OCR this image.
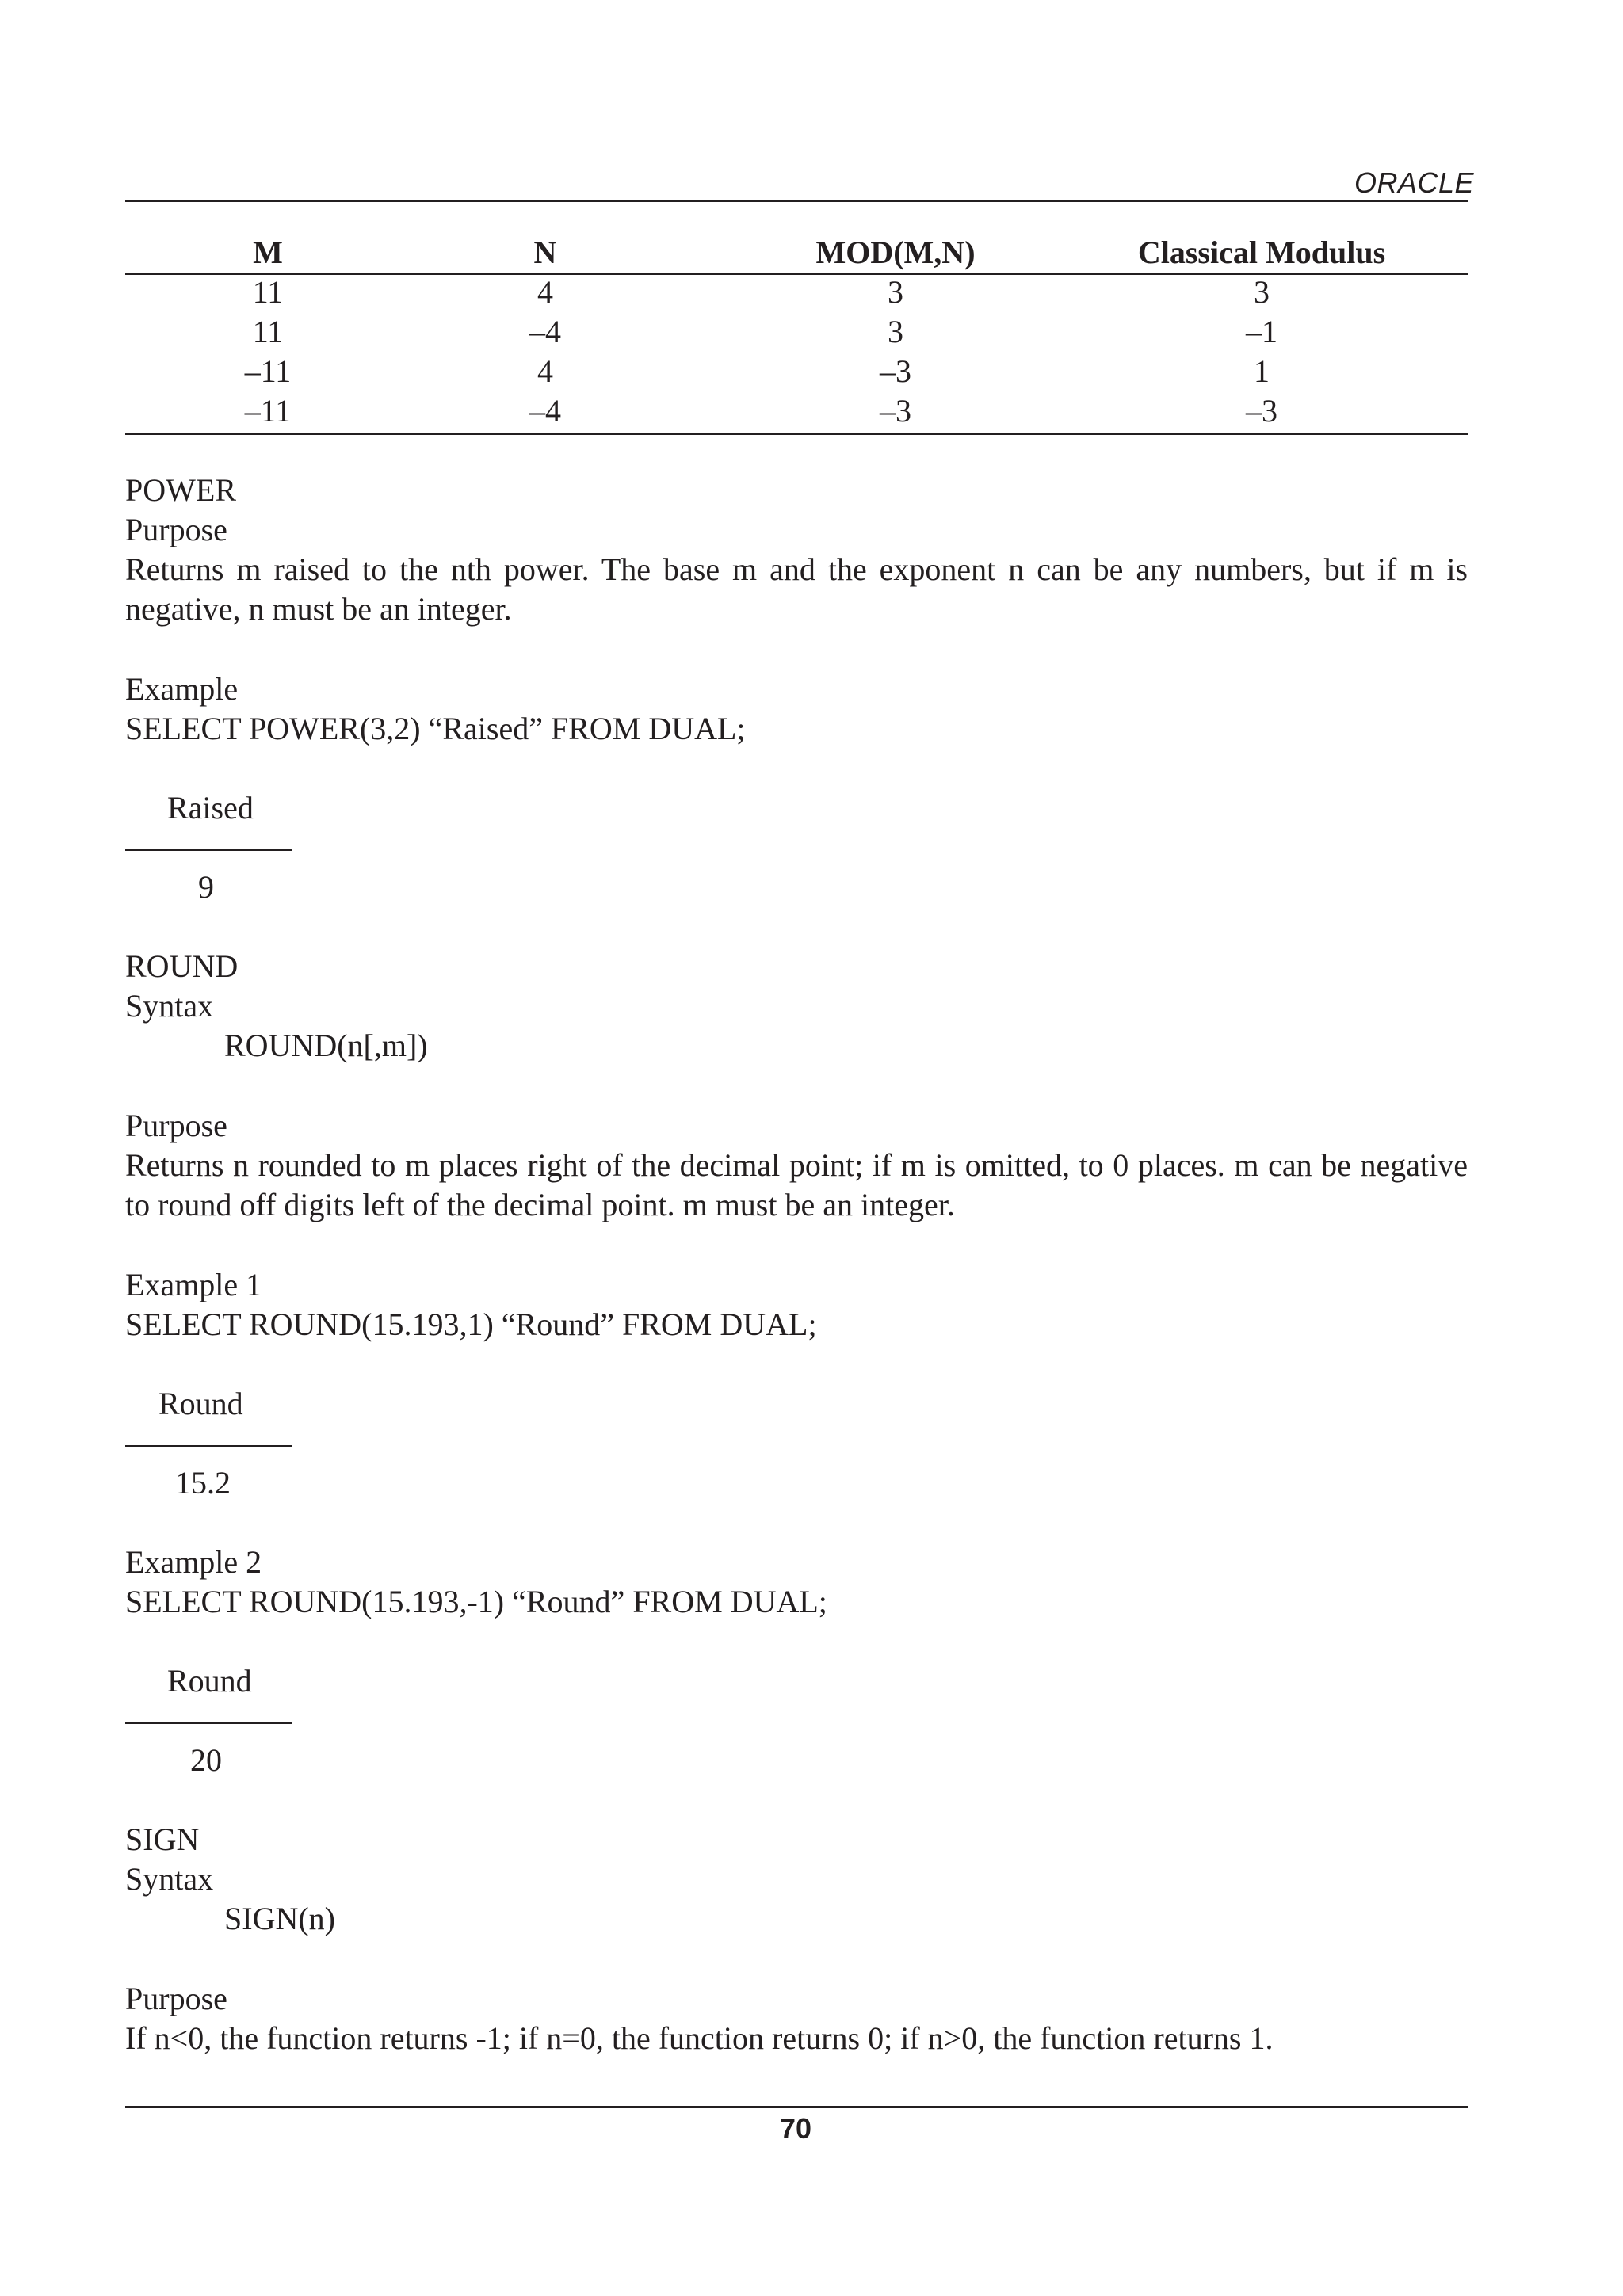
ORACLE
M	N	MOD(M,N)	Classical Modulus
11	4	3	3
11	–4	3	–1
–11	4	–3	1
–11	–4	–3	–3
POWER
Purpose
Returns m raised to the nth power. The base m and the exponent n can be any numbers, but if m is negative, n must be an integer.
Example
SELECT POWER(3,2) “Raised” FROM DUAL;
Raised
9
ROUND
Syntax
ROUND(n[,m])
Purpose
Returns n rounded to m places right of the decimal point; if m is omitted, to 0 places. m can be negative to round off digits left of the decimal point. m must be an integer.
Example 1
SELECT ROUND(15.193,1) “Round” FROM DUAL;
Round
15.2
Example 2
SELECT ROUND(15.193,-1) “Round” FROM DUAL;
Round
20
SIGN
Syntax
SIGN(n)
Purpose
If n<0, the function returns -1; if n=0, the function returns 0; if n>0, the function returns 1.
70
